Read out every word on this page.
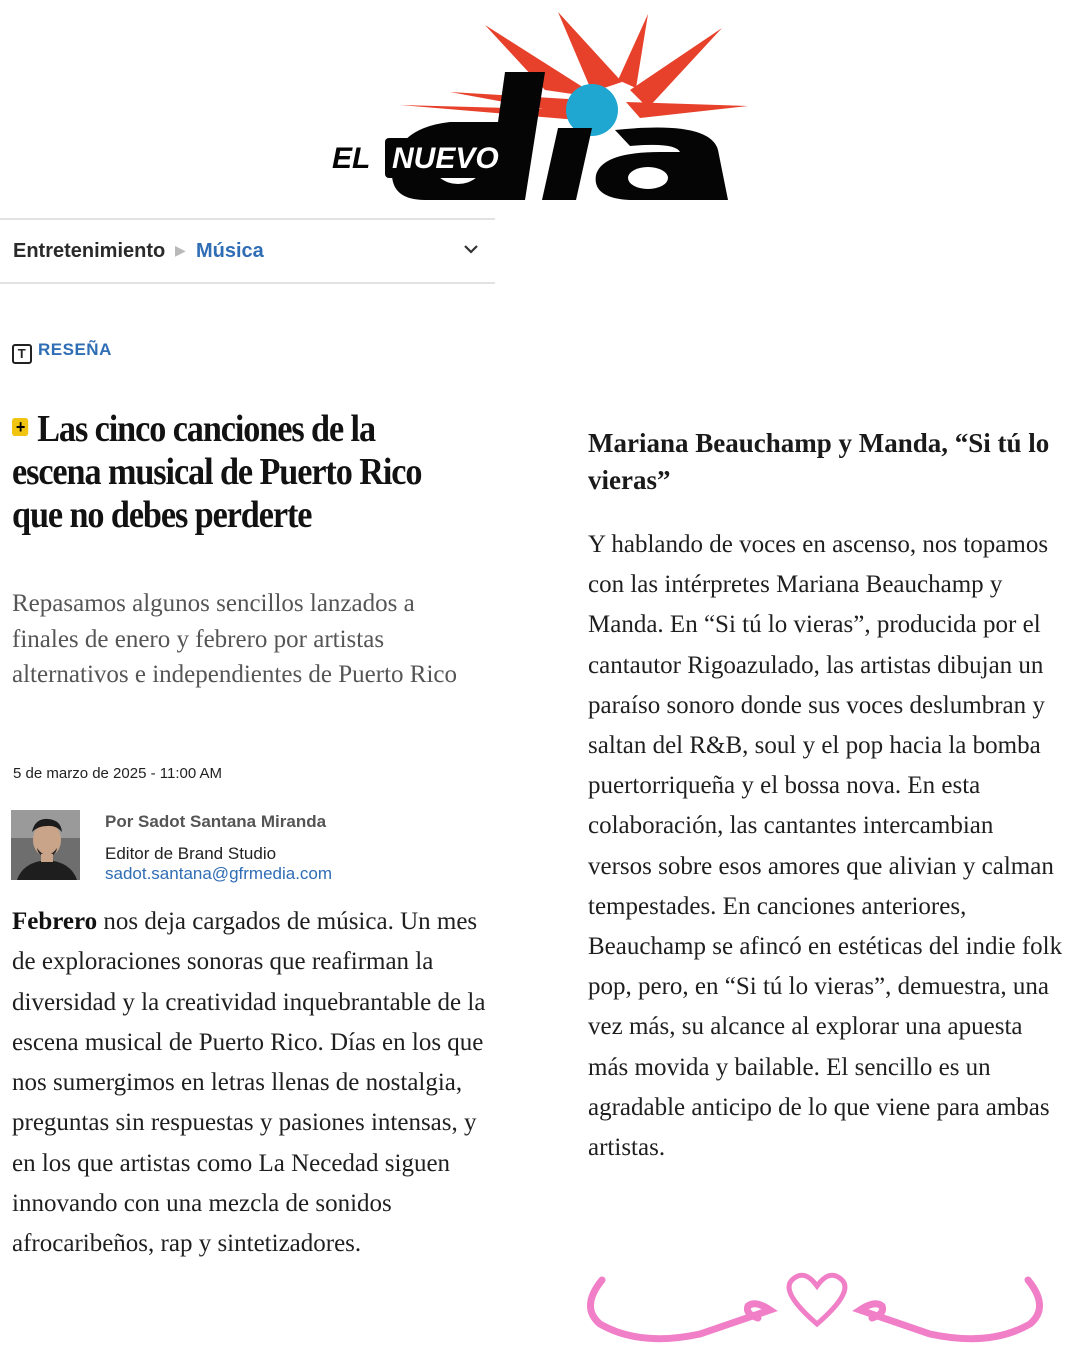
EL NUEVO
Entretenimiento ▶ Música
T RESEÑA
+ Las cinco canciones de la escena musical de Puerto Rico que no debes perderte
Repasamos algunos sencillos lanzados a finales de enero y febrero por artistas alternativos e independientes de Puerto Rico
5 de marzo de 2025 - 11:00 AM
Por Sadot Santana Miranda
Editor de Brand Studio
sadot.santana@gfrmedia.com

Febrero nos deja cargados de música. Un mes de exploraciones sonoras que reafirman la diversidad y la creatividad inquebrantable de la escena musical de Puerto Rico. Días en los que nos sumergimos en letras llenas de nostalgia, preguntas sin respuestas y pasiones intensas, y en los que artistas como La Necedad siguen innovando con una mezcla de sonidos afrocaribeños, rap y sintetizadores.

Mariana Beauchamp y Manda, “Si tú lo vieras”

Y hablando de voces en ascenso, nos topamos con las intérpretes Mariana Beauchamp y Manda. En “Si tú lo vieras”, producida por el cantautor Rigoazulado, las artistas dibujan un paraíso sonoro donde sus voces deslumbran y saltan del R&B, soul y el pop hacia la bomba puertorriqueña y el bossa nova. En esta colaboración, las cantantes intercambian versos sobre esos amores que alivian y calman tempestades. En canciones anteriores, Beauchamp se afincó en estéticas del indie folk pop, pero, en “Si tú lo vieras”, demuestra, una vez más, su alcance al explorar una apuesta más movida y bailable. El sencillo es un agradable anticipo de lo que viene para ambas artistas.
